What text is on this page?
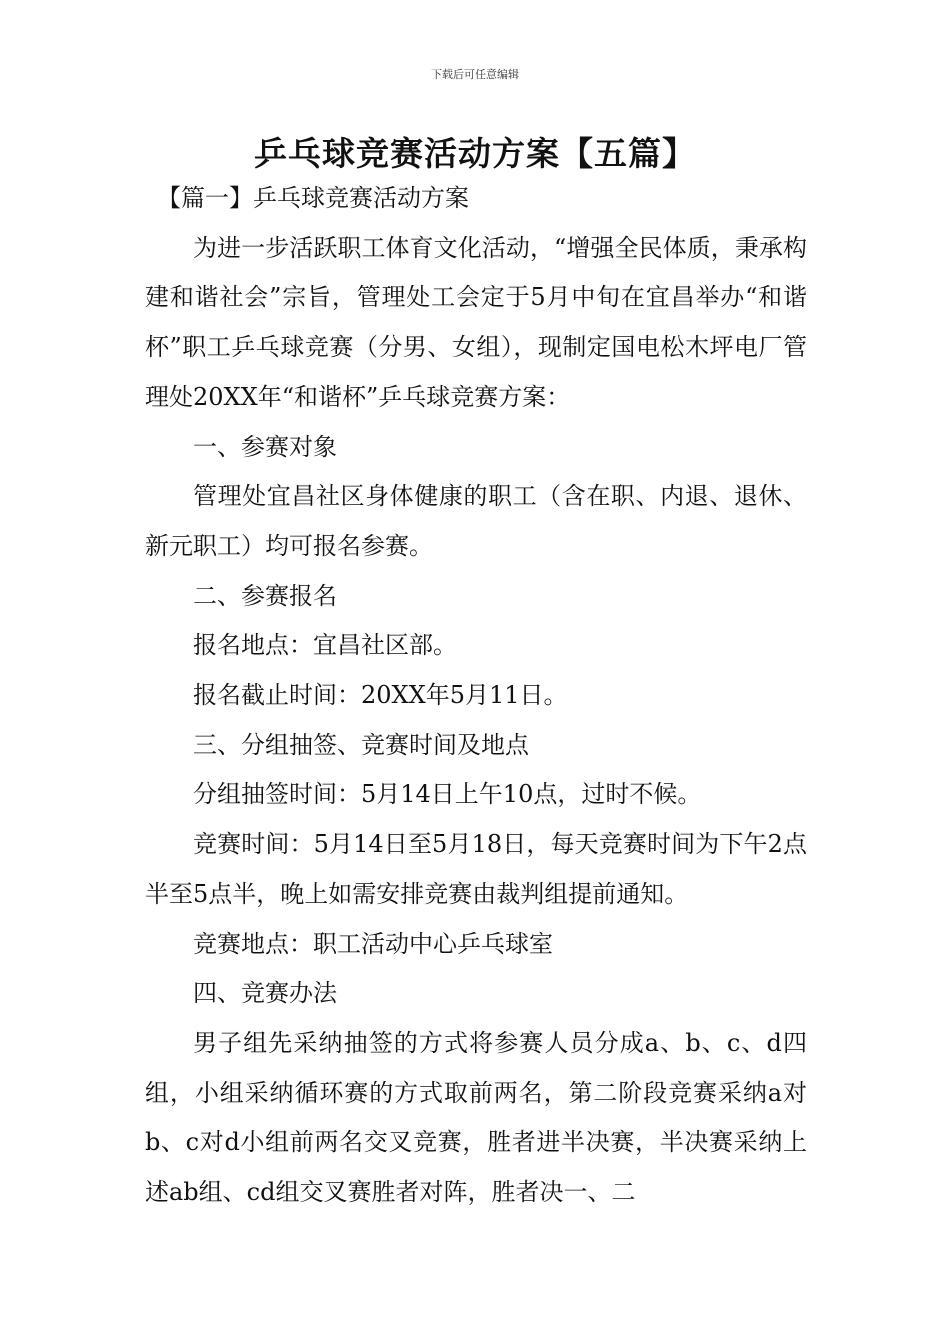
下载后可任意编辑
乒乓球竞赛活动方案【五篇】

【篇一】乒乓球竞赛活动方案

为进一步活跃职工体育文化活动，“增强全民体质，秉承构建和谐社会”宗旨，管理处工会定于5月中旬在宜昌举办“和谐杯”职工乒乓球竞赛（分男、女组），现制定国电松木坪电厂管理处20XX年“和谐杯”乒乓球竞赛方案：

一、参赛对象

管理处宜昌社区身体健康的职工（含在职、内退、退休、新元职工）均可报名参赛。

二、参赛报名

报名地点：宜昌社区部。

报名截止时间：20XX年5月11日。

三、分组抽签、竞赛时间及地点

分组抽签时间：5月14日上午10点，过时不候。

竞赛时间：5月14日至5月18日，每天竞赛时间为下午2点半至5点半，晚上如需安排竞赛由裁判组提前通知。

竞赛地点：职工活动中心乒乓球室

四、竞赛办法

男子组先采纳抽签的方式将参赛人员分成a、b、c、d四组，小组采纳循环赛的方式取前两名，第二阶段竞赛采纳a对b、c对d小组前两名交叉竞赛，胜者进半决赛，半决赛采纳上述ab组、cd组交叉赛胜者对阵，胜者决一、二
